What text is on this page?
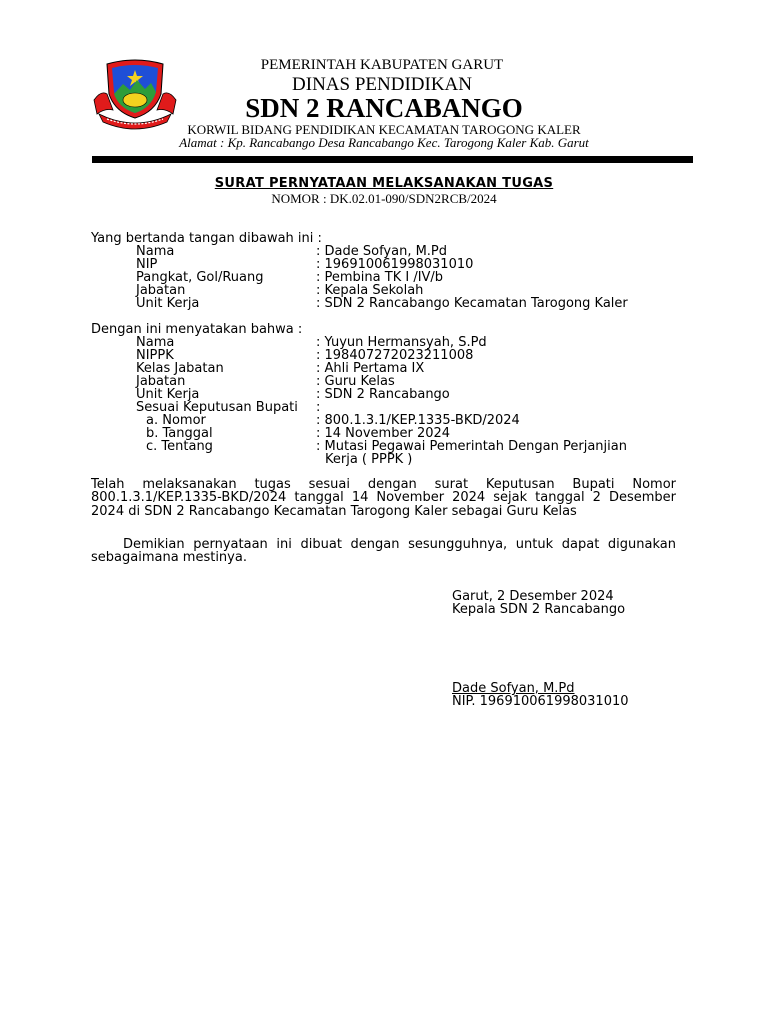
PEMERINTAH KABUPATEN GARUT
DINAS PENDIDIKAN
SDN 2 RANCABANGO
KORWIL BIDANG PENDIDIKAN KECAMATAN TAROGONG KALER
Alamat : Kp. Rancabango Desa Rancabango Kec. Tarogong Kaler Kab. Garut
SURAT PERNYATAAN MELAKSANAKAN TUGAS
NOMOR : DK.02.01-090/SDN2RCB/2024
Yang bertanda tangan dibawah ini :
Nama	: Dade Sofyan, M.Pd
NIP	: 196910061998031010
Pangkat, Gol/Ruang	: Pembina TK I /IV/b
Jabatan	: Kepala Sekolah
Unit Kerja	: SDN 2 Rancabango Kecamatan Tarogong Kaler
Dengan ini menyatakan bahwa :
Nama	: Yuyun Hermansyah, S.Pd
NIPPK	: 198407272023211008
Kelas Jabatan	: Ahli Pertama IX
Jabatan	: Guru Kelas
Unit Kerja	: SDN 2 Rancabango
Sesuai Keputusan Bupati :
a. Nomor	: 800.1.3.1/KEP.1335-BKD/2024
b. Tanggal	: 14 November 2024
c. Tentang	: Mutasi Pegawai Pemerintah Dengan Perjanjian
Kerja ( PPPK )
Telah melaksanakan tugas sesuai dengan surat Keputusan Bupati Nomor 800.1.3.1/KEP.1335-BKD/2024 tanggal 14 November 2024 sejak tanggal 2 Desember 2024 di SDN 2 Rancabango Kecamatan Tarogong Kaler sebagai Guru Kelas
Demikian pernyataan ini dibuat dengan sesungguhnya, untuk dapat digunakan sebagaimana mestinya.
Garut, 2 Desember 2024
Kepala SDN 2 Rancabango
Dade Sofyan, M.Pd
NIP. 196910061998031010
